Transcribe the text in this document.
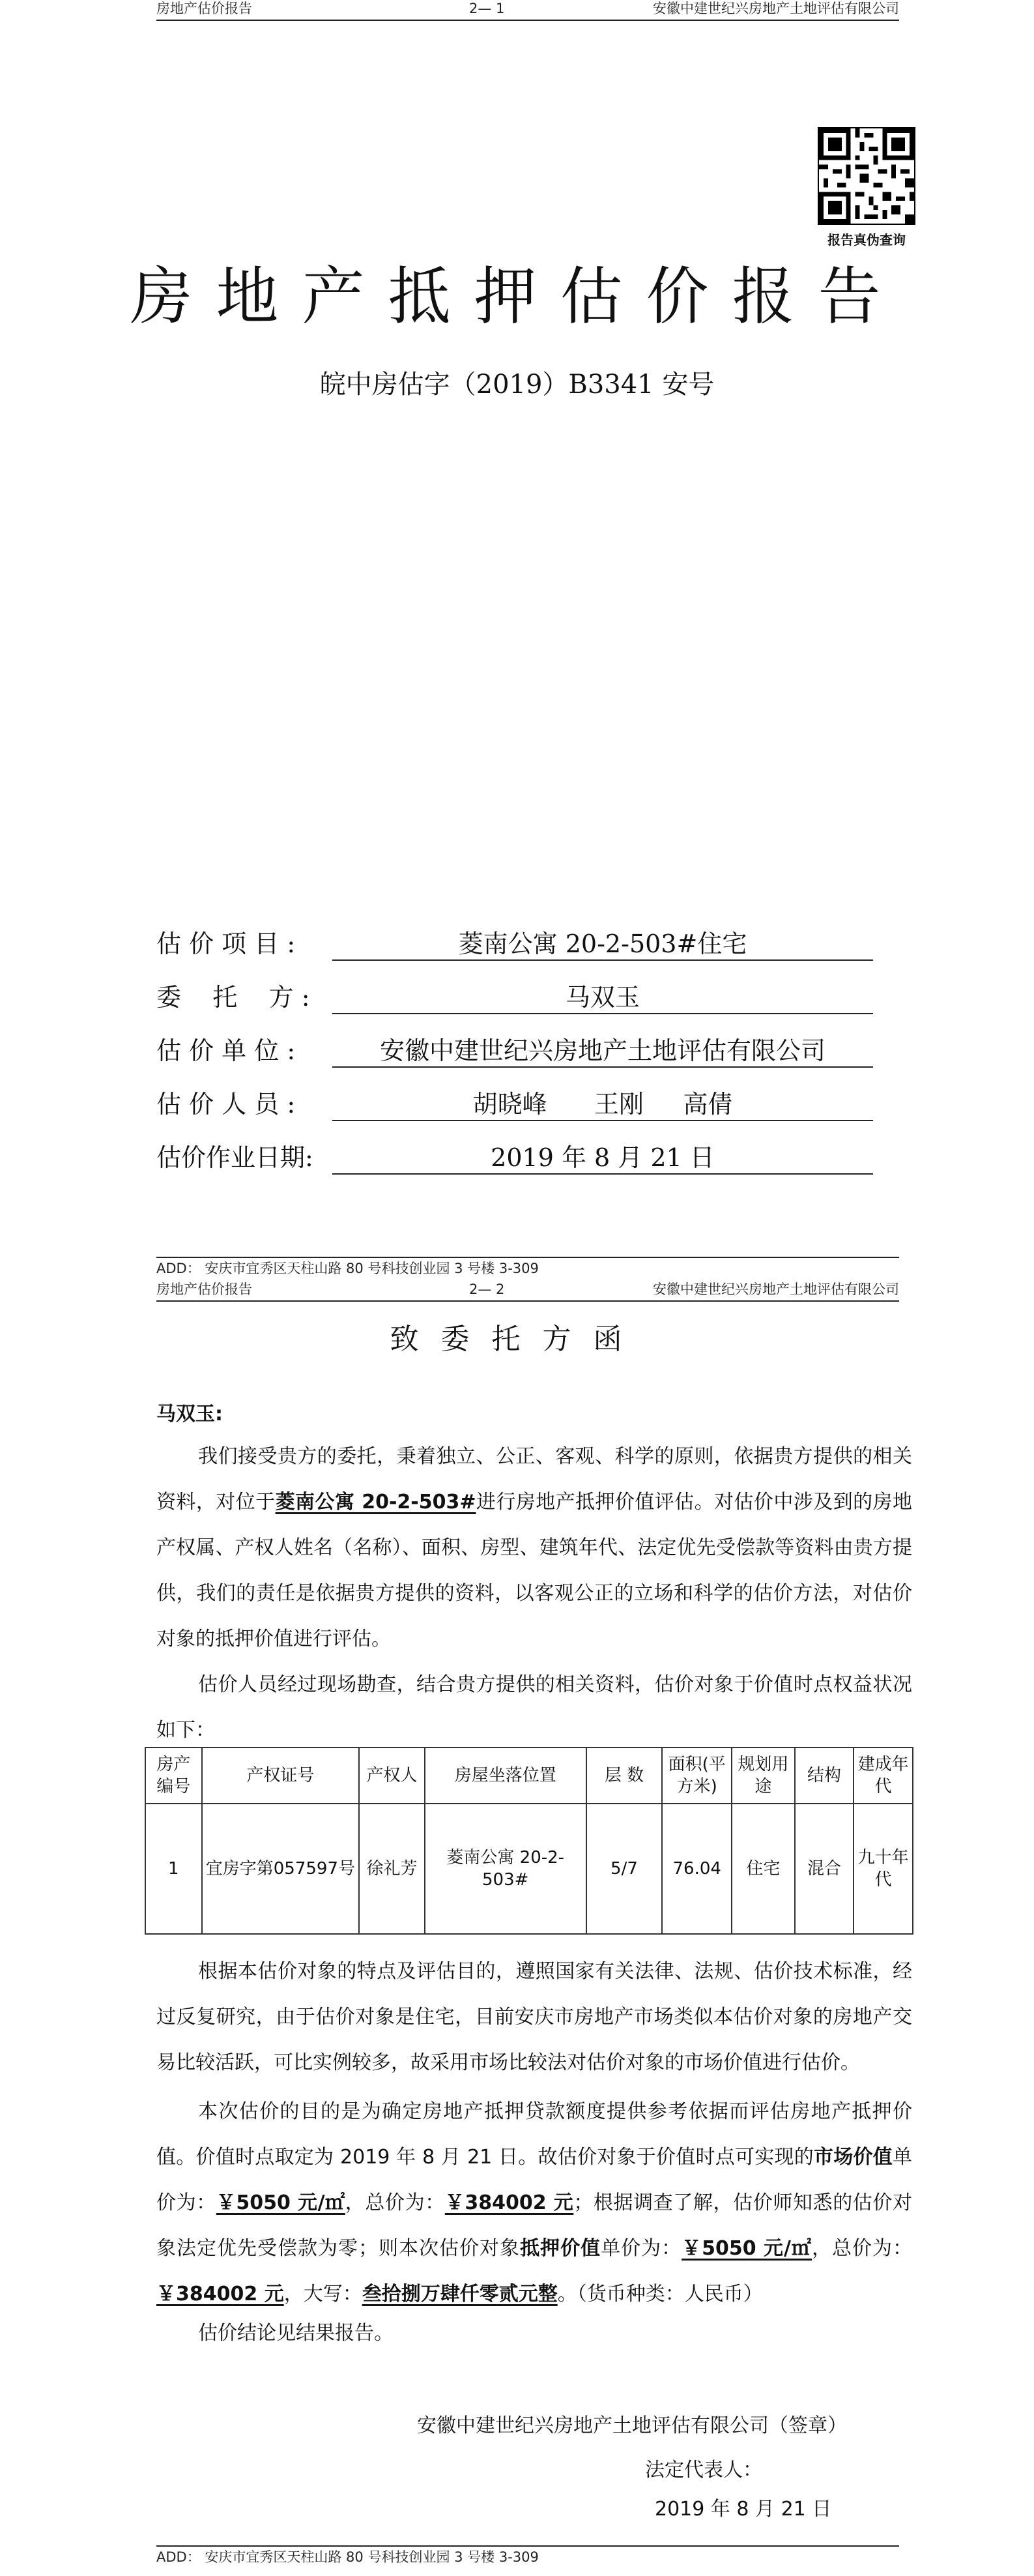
房地产估价报告	2— 1	安徽中建世纪兴房地产土地评估有限公司
报告真伪查询
房地产抵押估价报告
皖中房估字（2019）B3341 安号
估 价 项 目 :	菱南公寓 20-2-503#住宅
委    托    方 :	马双玉
估 价 单 位 :	安徽中建世纪兴房地产土地评估有限公司
估 价 人 员 :	胡晓峰      王刚     高倩
估价作业日期:	2019 年 8 月 21 日
ADD： 安庆市宜秀区天柱山路 80 号科技创业园 3 号楼 3-309
房地产估价报告	2— 2	安徽中建世纪兴房地产土地评估有限公司
致委托方函
马双玉:
我们接受贵方的委托，秉着独立、公正、客观、科学的原则，依据贵方提供的相关资料，对位于菱南公寓 20-2-503#进行房地产抵押价值评估。对估价中涉及到的房地产权属、产权人姓名（名称）、面积、房型、建筑年代、法定优先受偿款等资料由贵方提供，我们的责任是依据贵方提供的资料，以客观公正的立场和科学的估价方法，对估价对象的抵押价值进行评估。
估价人员经过现场勘查，结合贵方提供的相关资料，估价对象于价值时点权益状况如下：
房产编号	产权证号	产权人	房屋坐落位置	层 数	面积(平方米)	规划用途	结构	建成年代
1	宜房字第057597号	徐礼芳	菱南公寓 20-2-503#	5/7	76.04	住宅	混合	九十年代
根据本估价对象的特点及评估目的，遵照国家有关法律、法规、估价技术标准，经过反复研究，由于估价对象是住宅，目前安庆市房地产市场类似本估价对象的房地产交易比较活跃，可比实例较多，故采用市场比较法对估价对象的市场价值进行估价。
本次估价的目的是为确定房地产抵押贷款额度提供参考依据而评估房地产抵押价值。价值时点取定为 2019 年 8 月 21 日。故估价对象于价值时点可实现的市场价值单价为：￥5050 元/㎡，总价为：￥384002 元；根据调查了解，估价师知悉的估价对象法定优先受偿款为零；则本次估价对象抵押价值单价为：￥5050 元/㎡，总价为：￥384002 元，大写：叁拾捌万肆仟零贰元整。（货币种类：人民币）
估价结论见结果报告。
安徽中建世纪兴房地产土地评估有限公司（签章）
法定代表人：
2019 年 8 月 21 日
ADD： 安庆市宜秀区天柱山路 80 号科技创业园 3 号楼 3-309
